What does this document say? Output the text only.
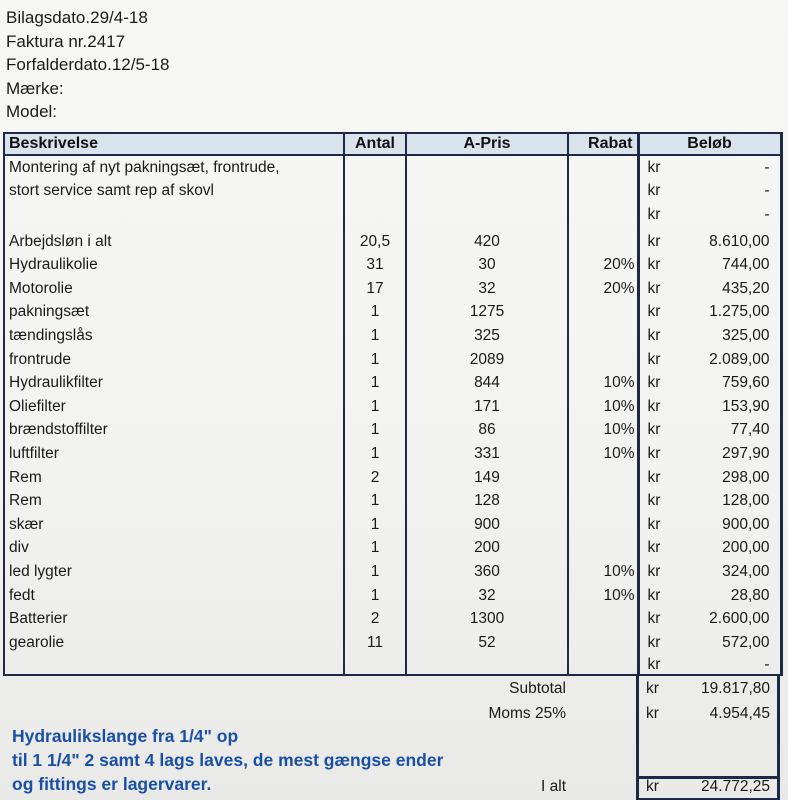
Bilagsdato.29/4-18
Faktura nr.2417
Forfalderdato.12/5-18
Mærke:
Model:
Beskrivelse	Antal	A-Pris	Rabat	Beløb	
Montering af nyt pakningsæt, frontrude,				kr	-
stort service samt rep af skovl				kr	-
				kr	-
Arbejdsløn i alt	20,5	420		kr	8.610,00
Hydraulikolie	31	30	20%	kr	744,00
Motorolie	17	32	20%	kr	435,20
pakningsæt	1	1275		kr	1.275,00
tændingslås	1	325		kr	325,00
frontrude	1	2089		kr	2.089,00
Hydraulikfilter	1	844	10%	kr	759,60
Oliefilter	1	171	10%	kr	153,90
brændstoffilter	1	86	10%	kr	77,40
luftfilter	1	331	10%	kr	297,90
Rem	2	149		kr	298,00
Rem	1	128		kr	128,00
skær	1	900		kr	900,00
div	1	200		kr	200,00
led lygter	1	360	10%	kr	324,00
fedt	1	32	10%	kr	28,80
Batterier	2	1300		kr	2.600,00
gearolie	11	52		kr	572,00
				kr	-
Subtotal	kr	19.817,80
Moms 25%	kr	4.954,45
I alt	kr	24.772,25
Hydraulikslange fra 1/4" op
til 1 1/4" 2 samt 4 lags laves, de mest gængse ender
og fittings er lagervarer.
